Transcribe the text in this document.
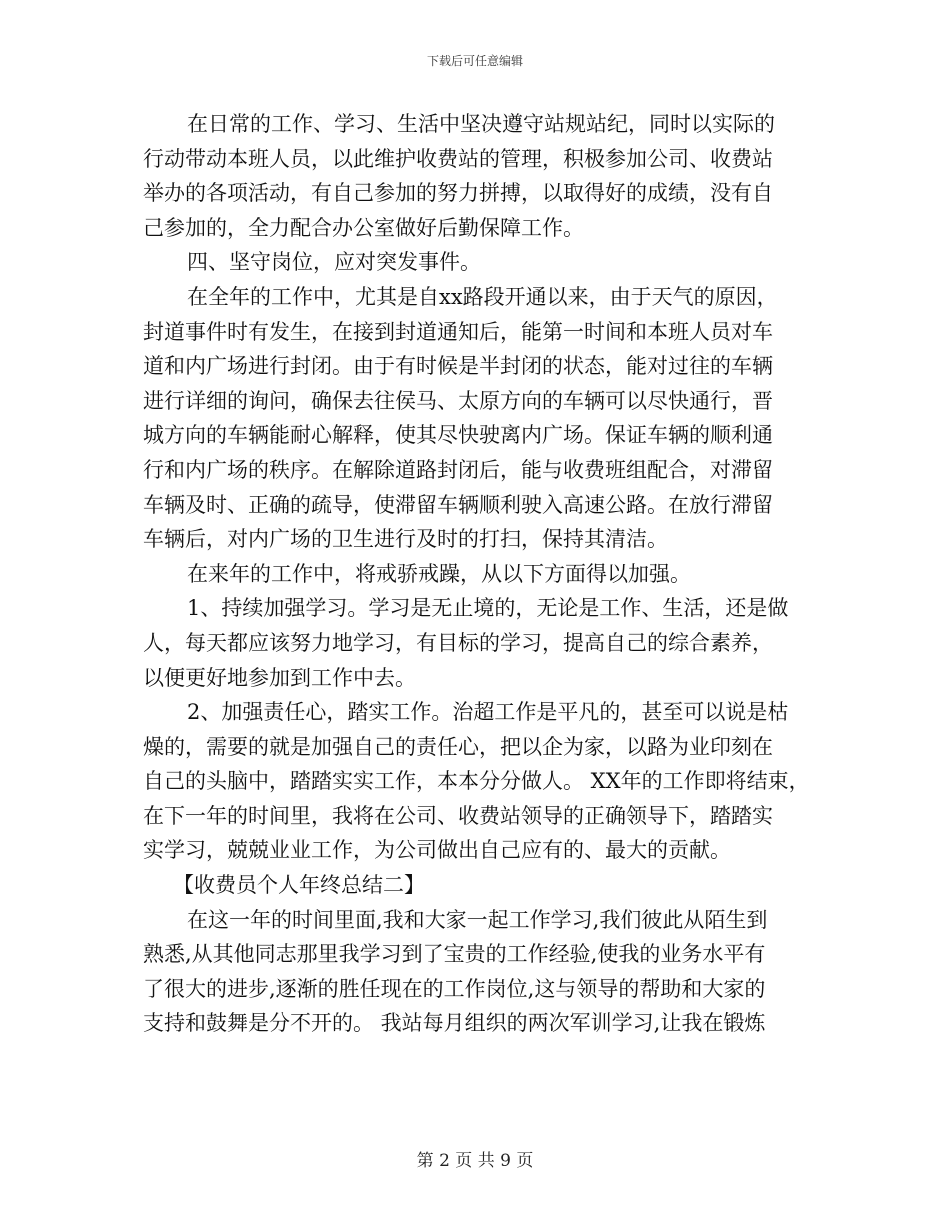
下载后可任意编辑
在日常的工作、学习、生活中坚决遵守站规站纪，同时以实际的
行动带动本班人员，以此维护收费站的管理，积极参加公司、收费站
举办的各项活动，有自己参加的努力拼搏，以取得好的成绩，没有自
己参加的，全力配合办公室做好后勤保障工作。
四、坚守岗位，应对突发事件。
在全年的工作中，尤其是自xx路段开通以来，由于天气的原因，
封道事件时有发生，在接到封道通知后，能第一时间和本班人员对车
道和内广场进行封闭。由于有时候是半封闭的状态，能对过往的车辆
进行详细的询问，确保去往侯马、太原方向的车辆可以尽快通行，晋
城方向的车辆能耐心解释，使其尽快驶离内广场。保证车辆的顺利通
行和内广场的秩序。在解除道路封闭后，能与收费班组配合，对滞留
车辆及时、正确的疏导，使滞留车辆顺利驶入高速公路。在放行滞留
车辆后，对内广场的卫生进行及时的打扫，保持其清洁。
在来年的工作中，将戒骄戒躁，从以下方面得以加强。
1、持续加强学习。学习是无止境的，无论是工作、生活，还是做
人，每天都应该努力地学习，有目标的学习，提高自己的综合素养，
以便更好地参加到工作中去。
2、加强责任心，踏实工作。治超工作是平凡的，甚至可以说是枯
燥的，需要的就是加强自己的责任心，把以企为家，以路为业印刻在
自己的头脑中，踏踏实实工作，本本分分做人。 XX年的工作即将结束，
在下一年的时间里，我将在公司、收费站领导的正确领导下，踏踏实
实学习，兢兢业业工作，为公司做出自己应有的、最大的贡献。
【收费员个人年终总结二】
在这一年的时间里面,我和大家一起工作学习,我们彼此从陌生到
熟悉,从其他同志那里我学习到了宝贵的工作经验,使我的业务水平有
了很大的进步,逐渐的胜任现在的工作岗位,这与领导的帮助和大家的
支持和鼓舞是分不开的。 我站每月组织的两次军训学习,让我在锻炼
第 2 页 共 9 页
